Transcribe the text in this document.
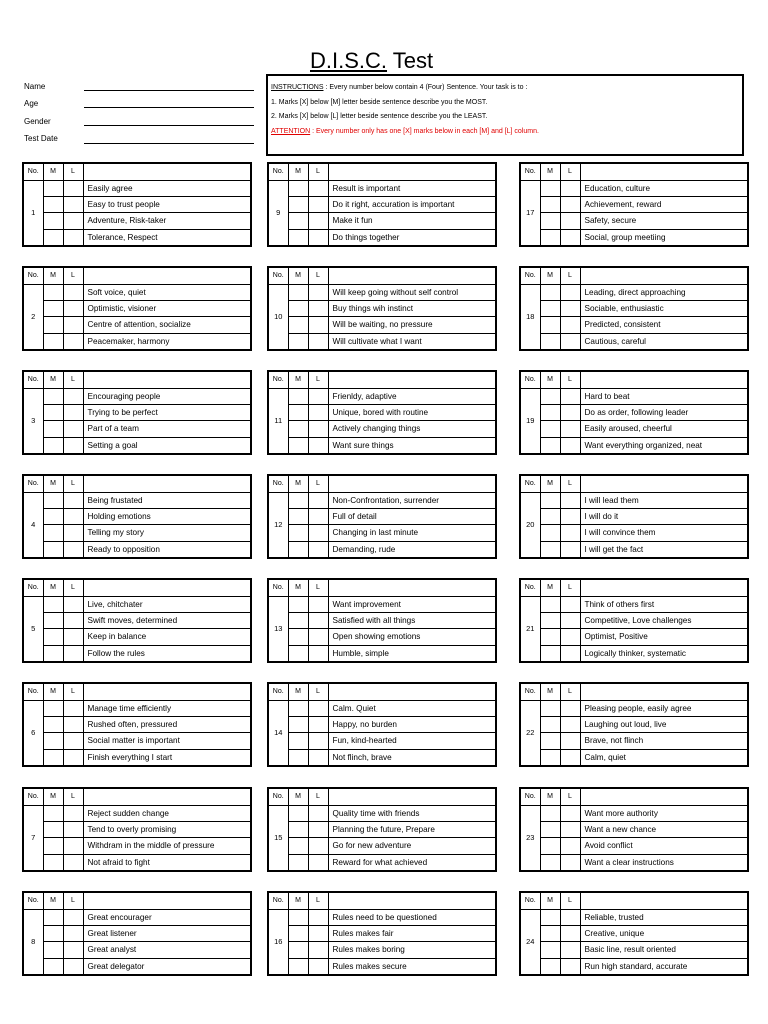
D.I.S.C. Test
Name
Age
Gender
Test Date
INSTRUCTIONS : Every number below contain 4 (Four) Sentence. Your task is to :
1. Marks [X] below [M] letter beside sentence describe you the MOST.
2. Marks [X] below [L] letter beside sentence describe you the LEAST.
ATTENTION : Every number only has one [X] marks below in each [M] and [L] column.
No.	M	L	
1			Easily agree
			Easy to trust people
			Adventure, Risk-taker
			Tolerance, Respect
No.	M	L	
2			Soft voice, quiet
			Optimistic, visioner
			Centre of attention, socialize
			Peacemaker, harmony
No.	M	L	
3			Encouraging people
			Trying to be perfect
			Part of a team
			Setting a goal
No.	M	L	
4			Being frustated
			Holding emotions
			Telling my story
			Ready to opposition
No.	M	L	
5			Live, chitchater
			Swift moves, determined
			Keep in balance
			Follow the rules
No.	M	L	
6			Manage time efficiently
			Rushed often, pressured
			Social matter is important
			Finish everything I start
No.	M	L	
7			Reject sudden change
			Tend to overly promising
			Withdram in the middle of pressure
			Not afraid to fight
No.	M	L	
8			Great encourager
			Great listener
			Great analyst
			Great delegator
No.	M	L	
9			Result is important
			Do it right, accuration is important
			Make it fun
			Do things together
No.	M	L	
10			Will keep going without self control
			Buy things wih instinct
			Will be waiting, no pressure
			Will cultivate what I want
No.	M	L	
11			Frienldy, adaptive
			Unique, bored with routine
			Actively changing things
			Want sure things
No.	M	L	
12			Non-Confrontation, surrender
			Full of detail
			Changing in last minute
			Demanding, rude
No.	M	L	
13			Want improvement
			Satisfied with all things
			Open showing emotions
			Humble, simple
No.	M	L	
14			Calm. Quiet
			Happy, no burden
			Fun, kind-hearted
			Not flinch, brave
No.	M	L	
15			Quality time with friends
			Planning the future, Prepare
			Go for new adventure
			Reward for what achieved
No.	M	L	
16			Rules need to be questioned
			Rules makes fair
			Rules makes boring
			Rules makes secure
No.	M	L	
17			Education, culture
			Achievement, reward
			Safety, secure
			Social, group meetiing
No.	M	L	
18			Leading, direct approaching
			Sociable, enthusiastic
			Predicted, consistent
			Cautious, careful
No.	M	L	
19			Hard to beat
			Do as order, following leader
			Easily aroused, cheerful
			Want everything organized, neat
No.	M	L	
20			I will lead them
			I will do it
			I will convince them
			I will get the fact
No.	M	L	
21			Think of others first
			Competitive, Love challenges
			Optimist, Positive
			Logically thinker, systematic
No.	M	L	
22			Pleasing people, easily agree
			Laughing out loud, live
			Brave, not flinch
			Calm, quiet
No.	M	L	
23			Want more authority
			Want a new chance
			Avoid conflict
			Want a clear instructions
No.	M	L	
24			Reliable, trusted
			Creative, unique
			Basic line, result oriented
			Run high standard, accurate
